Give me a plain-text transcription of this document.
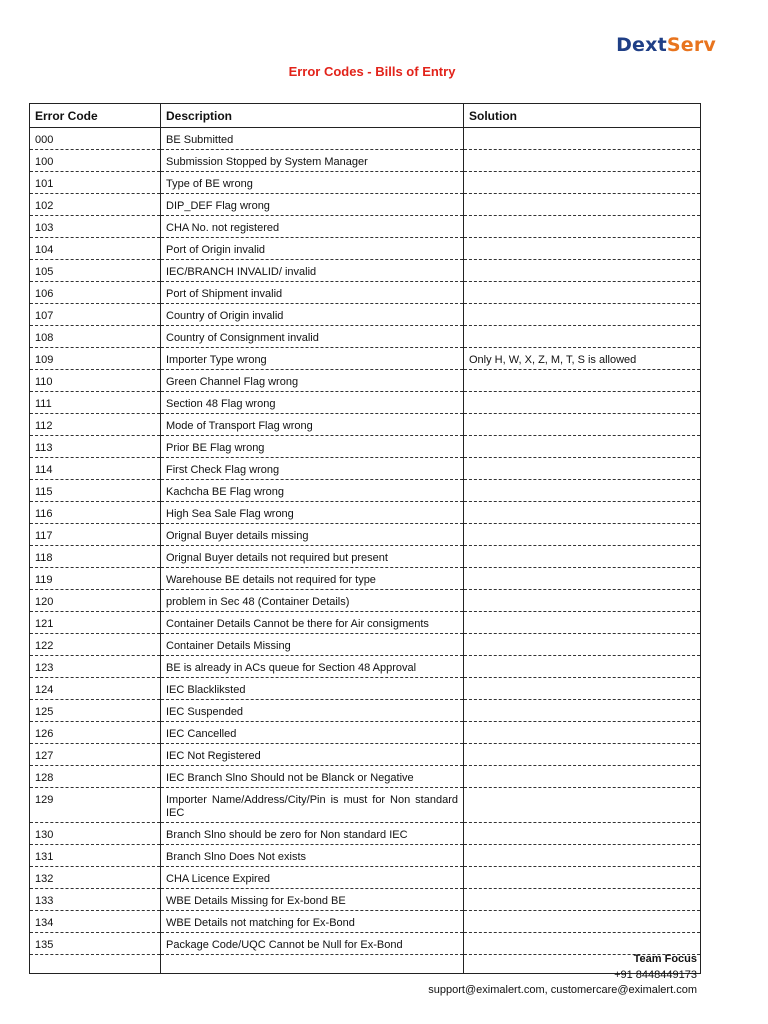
DextServ
Error Codes - Bills of Entry
Error Code	Description	Solution
000	BE Submitted	
100	Submission Stopped by System Manager	
101	Type of BE wrong	
102	DIP_DEF Flag wrong	
103	CHA No. not registered	
104	Port of Origin invalid	
105	IEC/BRANCH INVALID/ invalid	
106	Port of Shipment invalid	
107	Country of Origin invalid	
108	Country of Consignment invalid	
109	Importer Type wrong	Only H, W, X, Z, M, T, S is allowed
110	Green Channel Flag wrong	
111	Section 48 Flag wrong	
112	Mode of Transport Flag wrong	
113	Prior BE Flag wrong	
114	First Check Flag wrong	
115	Kachcha BE Flag wrong	
116	High Sea Sale Flag wrong	
117	Orignal Buyer details missing	
118	Orignal Buyer details not required but present	
119	Warehouse BE details not required for type	
120	problem in Sec 48 (Container Details)	
121	Container Details Cannot be there for Air consigments	
122	Container Details Missing	
123	BE is already in ACs queue for Section 48 Approval	
124	IEC Blackliksted	
125	IEC Suspended	
126	IEC Cancelled	
127	IEC Not Registered	
128	IEC Branch Slno Should not be Blanck or Negative	
129	Importer Name/Address/City/Pin is must for Non standard IEC	
130	Branch Slno should be zero for Non standard IEC	
131	Branch Slno Does Not exists	
132	CHA Licence Expired	
133	WBE Details Missing for Ex-bond BE	
134	WBE Details not matching for Ex-Bond	
135	Package Code/UQC Cannot be Null for Ex-Bond	

Team Focus
+91 8448449173
support@eximalert.com, customercare@eximalert.com
